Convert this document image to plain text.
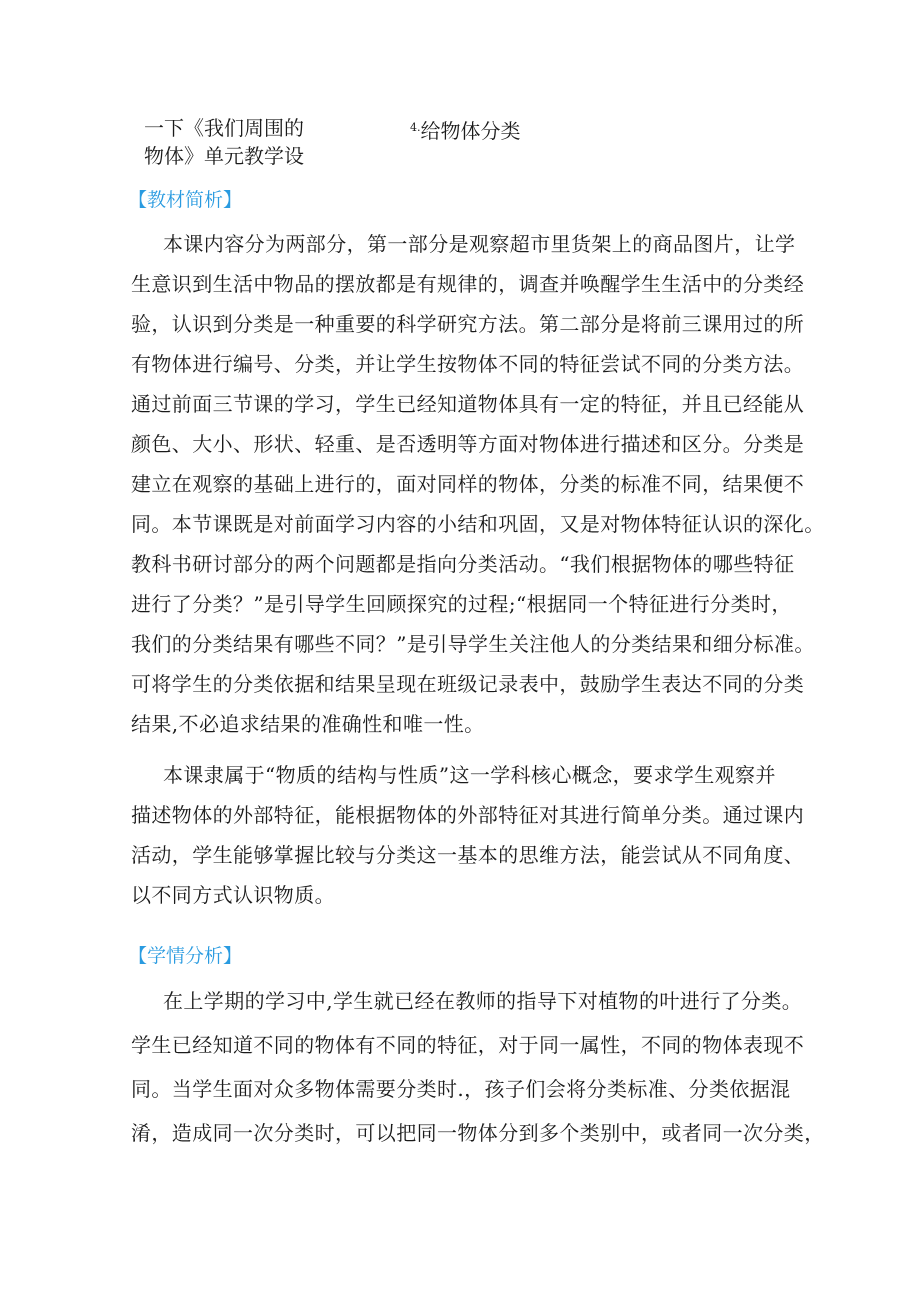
一下《我们周围的
物体》单元教学设
$^{4.}$给物体分类
【教材简析】
本课内容分为两部分，第一部分是观察超市里货架上的商品图片，让学
生意识到生活中物品的摆放都是有规律的，调查并唤醒学生生活中的分类经
验，认识到分类是一种重要的科学研究方法。第二部分是将前三课用过的所
有物体进行编号、分类，并让学生按物体不同的特征尝试不同的分类方法。
通过前面三节课的学习，学生已经知道物体具有一定的特征，并且已经能从
颜色、大小、形状、轻重、是否透明等方面对物体进行描述和区分。分类是
建立在观察的基础上进行的，面对同样的物体，分类的标准不同，结果便不
同。本节课既是对前面学习内容的小结和巩固，又是对物体特征认识的深化。
教科书研讨部分的两个问题都是指向分类活动。“我们根据物体的哪些特征
进行了分类？”是引导学生回顾探究的过程;“根据同一个特征进行分类时，
我们的分类结果有哪些不同？”是引导学生关注他人的分类结果和细分标准。
可将学生的分类依据和结果呈现在班级记录表中，鼓励学生表达不同的分类
结果,不必追求结果的准确性和唯一性。
本课隶属于“物质的结构与性质”这一学科核心概念，要求学生观察并
描述物体的外部特征，能根据物体的外部特征对其进行简单分类。通过课内
活动，学生能够掌握比较与分类这一基本的思维方法，能尝试从不同角度、
以不同方式认识物质。
【学情分析】
在上学期的学习中,学生就已经在教师的指导下对植物的叶进行了分类。
学生已经知道不同的物体有不同的特征，对于同一属性，不同的物体表现不
同。当学生面对众多物体需要分类时.，孩子们会将分类标准、分类依据混
淆，造成同一次分类时，可以把同一物体分到多个类别中，或者同一次分类，
